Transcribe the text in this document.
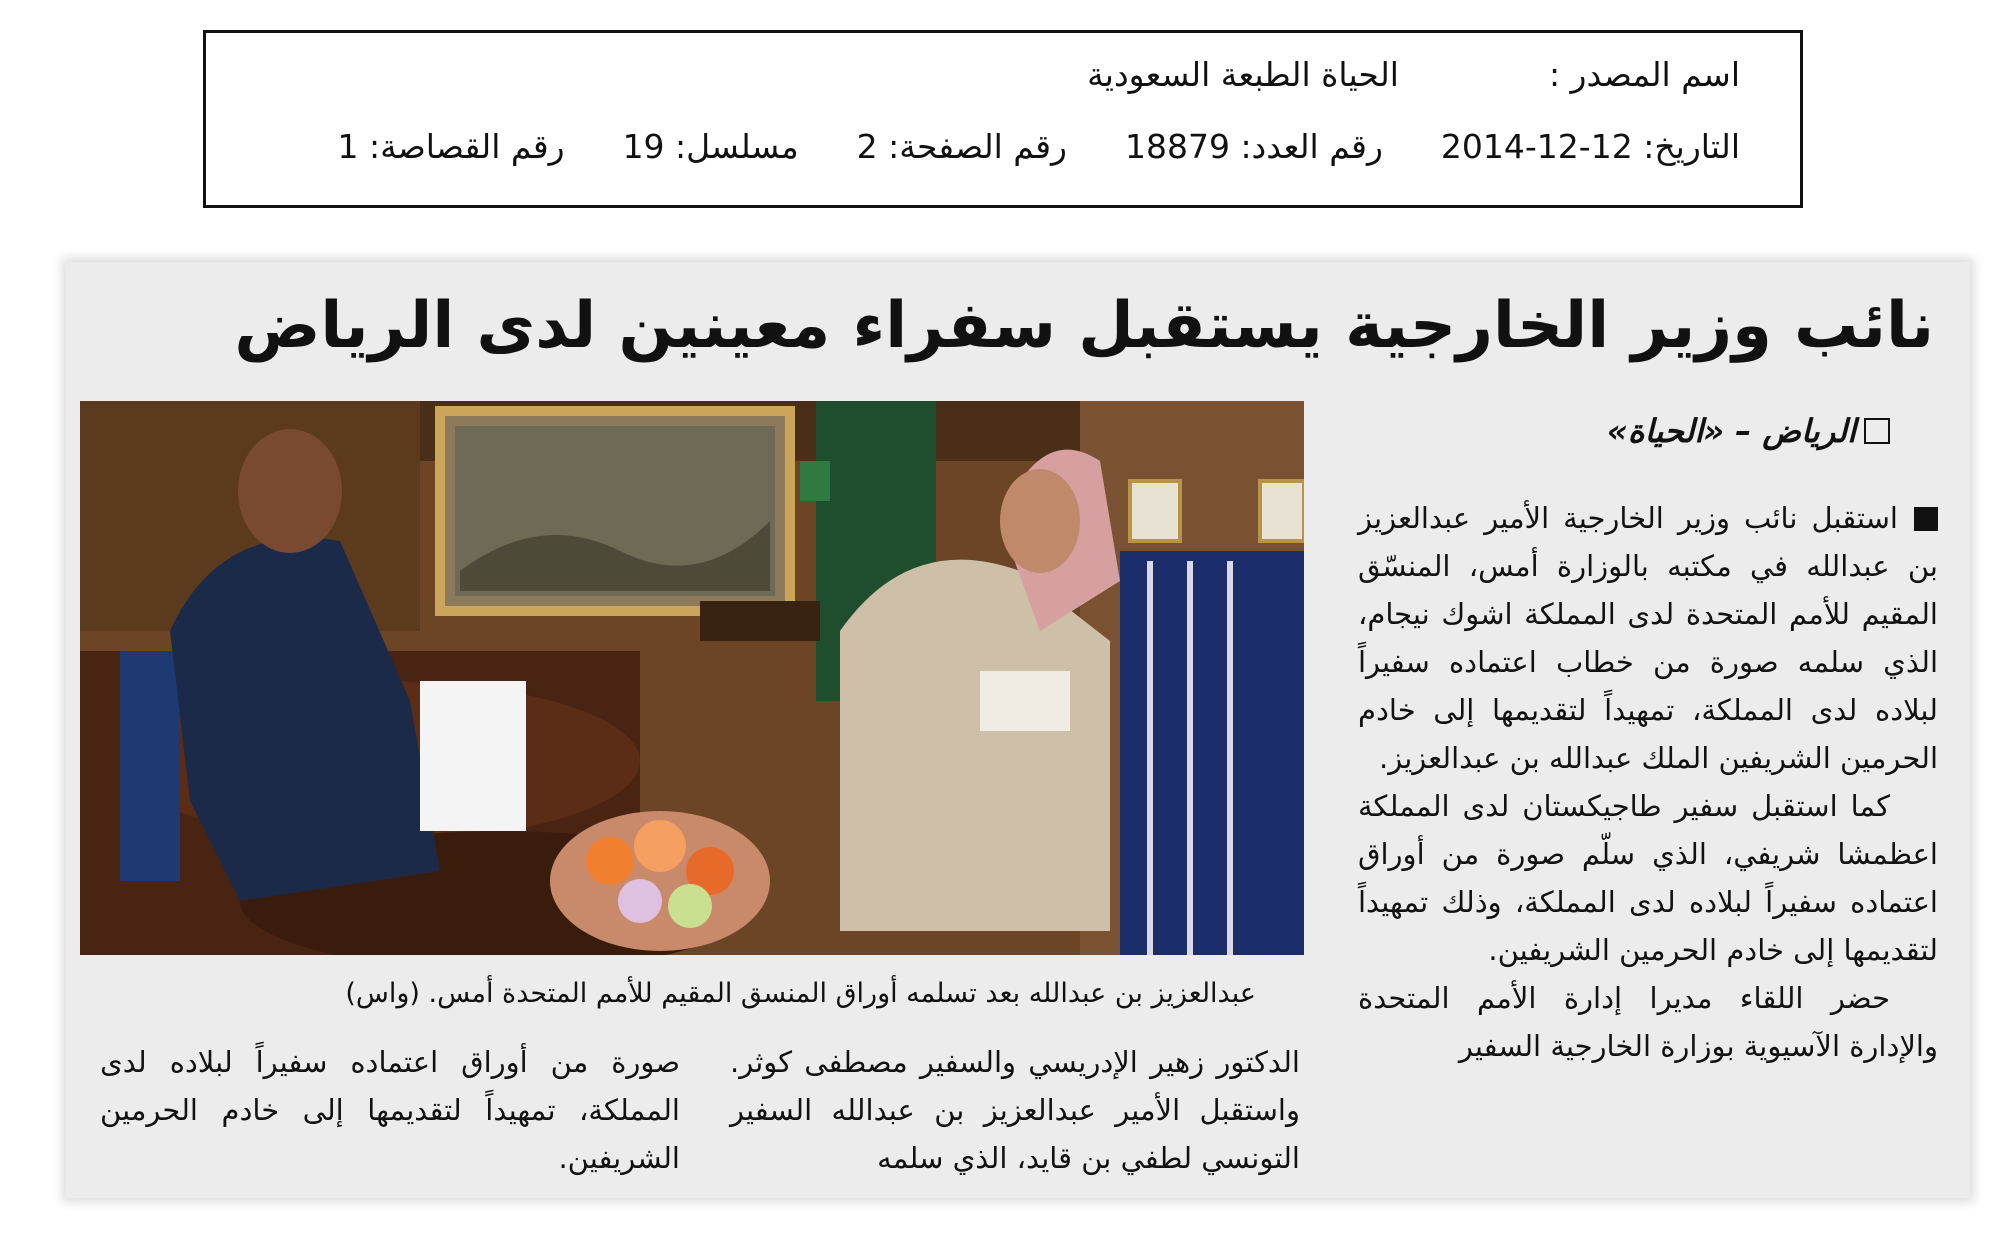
اسم المصدر :
الحياة الطبعة السعودية
التاريخ: 12-12-2014
رقم العدد: 18879
رقم الصفحة: 2
مسلسل: 19
رقم القصاصة: 1
نائب وزير الخارجية يستقبل سفراء معينين لدى الرياض
عبدالعزيز بن عبدالله بعد تسلمه أوراق المنسق المقيم للأمم المتحدة أمس. (واس)
الرياض – «الحياة»

استقبل نائب وزير الخارجية الأمير عبدالعزيز بن عبدالله في مكتبه بالوزارة أمس، المنسّق المقيم للأمم المتحدة لدى المملكة اشوك نيجام، الذي سلمه صورة من خطاب اعتماده سفيراً لبلاده لدى المملكة، تمهيداً لتقديمها إلى خادم الحرمين الشريفين الملك عبدالله بن عبدالعزيز.

كما استقبل سفير طاجيكستان لدى المملكة اعظمشا شريفي، الذي سلّم صورة من أوراق اعتماده سفيراً لبلاده لدى المملكة، وذلك تمهيداً لتقديمها إلى خادم الحرمين الشريفين.

حضر اللقاء مديرا إدارة الأمم المتحدة والإدارة الآسيوية بوزارة الخارجية السفير

الدكتور زهير الإدريسي والسفير مصطفى كوثر. واستقبل الأمير عبدالعزيز بن عبدالله السفير التونسي لطفي بن قايد، الذي سلمه

صورة من أوراق اعتماده سفيراً لبلاده لدى المملكة، تمهيداً لتقديمها إلى خادم الحرمين الشريفين.
